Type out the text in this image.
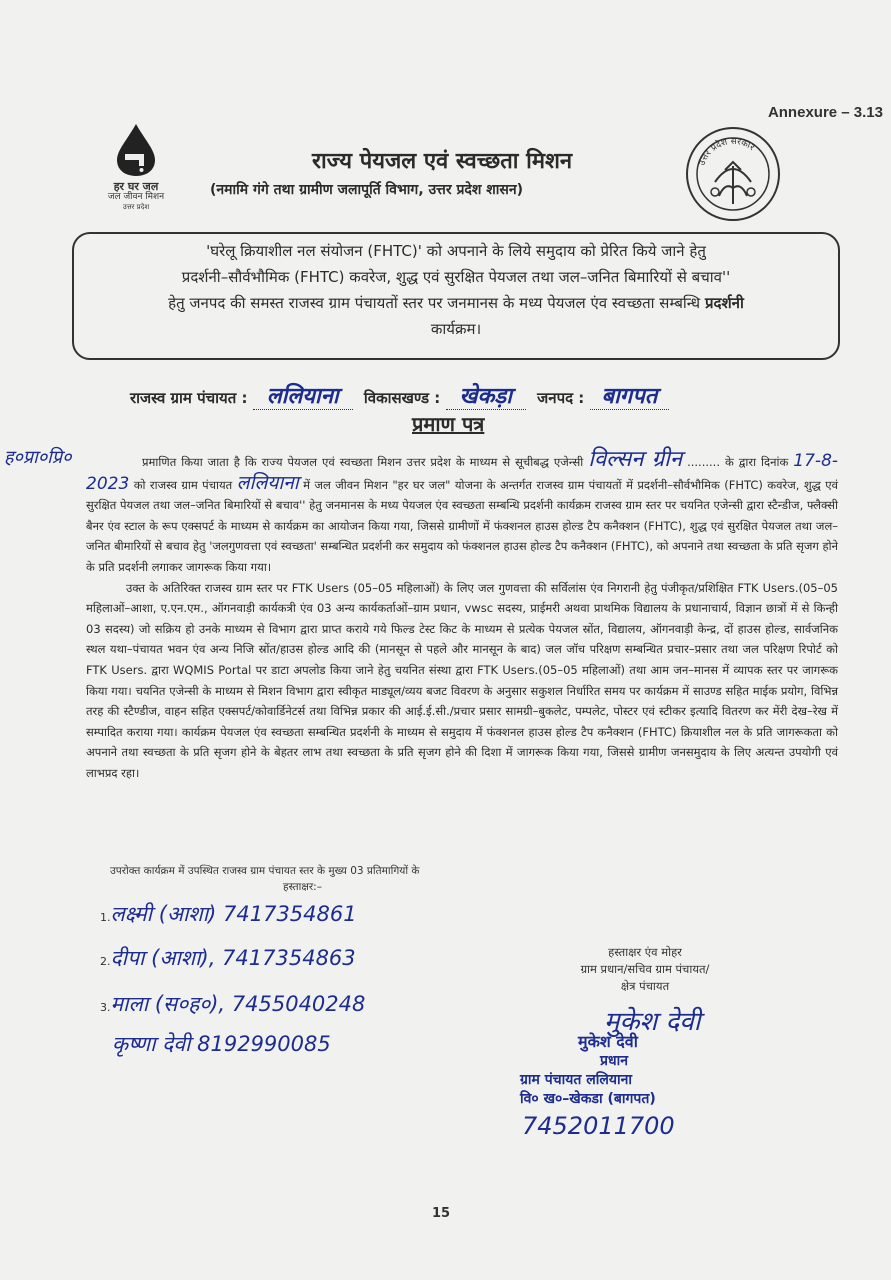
Annexure – 3.13
हर घर जल
जल जीवन मिशन
उत्तर प्रदेश
राज्य पेयजल एवं स्वच्छता मिशन
(नमामि गंगे तथा ग्रामीण जलापूर्ति विभाग, उत्तर प्रदेश शासन)
उत्तर प्रदेश सरकार
'घरेलू क्रियाशील नल संयोजन (FHTC)' को अपनाने के लिये समुदाय को प्रेरित किये जाने हेतु
प्रदर्शनी–सौर्वभौमिक (FHTC) कवरेज, शुद्ध एवं सुरक्षित पेयजल तथा जल–जनित बिमारियों से बचाव''
हेतु जनपद की समस्त राजस्व ग्राम पंचायतों स्तर पर जनमानस के मध्य पेयजल एंव स्वच्छता सम्बन्धि प्रदर्शनी
कार्यक्रम।
राजस्व ग्राम पंचायत : ललियाना विकासखण्ड : खेकड़ा जनपद : बागपत
प्रमाण पत्र

ह०प्रा०प्रि०	प्रमाणित किया जाता है कि राज्य पेयजल एवं स्वच्छता मिशन उत्तर प्रदेश के माध्यम से सूचीबद्ध एजेन्सी विल्सन ग्रीन ......... के द्वारा दिनांक 17-8-2023 को राजस्व ग्राम पंचायत ललियाना में जल जीवन मिशन "हर घर जल" योजना के अन्तर्गत राजस्व ग्राम पंचायतों में प्रदर्शनी–सौर्वभौमिक (FHTC) कवरेज, शुद्ध एवं सुरक्षित पेयजल तथा जल–जनित बिमारियों से बचाव'' हेतु जनमानस के मध्य पेयजल एंव स्वच्छता सम्बन्धि प्रदर्शनी कार्यक्रम राजस्व ग्राम स्तर पर चयनित एजेन्सी द्वारा स्टैन्डीज, फ्लैक्सी बैनर एंव स्टाल के रूप एक्सपर्ट के माध्यम से कार्यक्रम का आयोजन किया गया, जिससे ग्रामीणों में फंक्शनल हाउस होल्ड टैप कनैक्शन (FHTC), शुद्ध एवं सुरक्षित पेयजल तथा जल–जनित बीमारियों से बचाव हेतु 'जलगुणवत्ता एवं स्वच्छता' सम्बन्धित प्रदर्शनी कर समुदाय को फंक्शनल हाउस होल्ड टैप कनैक्शन (FHTC), को अपनाने तथा स्वच्छता के प्रति सृजग होने के प्रति प्रदर्शनी लगाकर जागरूक किया गया।

उक्त के अतिरिक्त राजस्व ग्राम स्तर पर FTK Users (05–05 महिलाओं) के लिए जल गुणवत्ता की सर्विलांस एंव निगरानी हेतु पंजीकृत/प्रशिक्षित FTK Users.(05–05 महिलाओं–आशा, ए.एन.एम., ऑगनवाड़ी कार्यकत्री एंव 03 अन्य कार्यकर्ताओं–ग्राम प्रधान, vwsc सदस्य, प्राईमरी अथवा प्राथमिक विद्यालय के प्रधानाचार्य, विज्ञान छात्रों में से किन्ही 03 सदस्य) जो सक्रिय हो उनके माध्यम से विभाग द्वारा प्राप्त कराये गये फिल्ड टेस्ट किट के माध्यम से प्रत्येक पेयजल स्रोंत, विद्यालय, ऑगनवाड़ी केन्द्र, दों हाउस होल्ड, सार्वजनिक स्थल यथा–पंचायत भवन एंव अन्य निजि स्रोंत/हाउस होल्ड आदि की (मानसून से पहले और मानसून के बाद) जल जॉच परिक्षण सम्बन्धित प्रचार–प्रसार तथा जल परिक्षण रिपोर्ट को FTK Users. द्वारा WQMIS Portal पर डाटा अपलोड किया जाने हेतु चयनित संस्था द्वारा FTK Users.(05–05 महिलाओं) तथा आम जन–मानस में व्यापक स्तर पर जागरूक किया गया। चयनित एजेन्सी के माध्यम से मिशन विभाग द्वारा स्वीकृत माड्यूल/व्यय बजट विवरण के अनुसार सकुशल निर्धारित समय पर कार्यक्रम में साउण्ड सहित माईक प्रयोग, विभिन्न तरह की स्टैण्डीज, वाहन सहित एक्सपर्ट/कोवार्डिनेटर्स तथा विभिन्न प्रकार की आई.ई.सी./प्रचार प्रसार सामग्री–बुकलेट, पम्पलेट, पोस्टर एवं स्टीकर इत्यादि वितरण कर मेंरी देख–रेख में सम्पादित कराया गया। कार्यक्रम पेयजल एंव स्वच्छता सम्बन्धित प्रदर्शनी के माध्यम से समुदाय में फंक्शनल हाउस होल्ड टैप कनैक्शन (FHTC) क्रियाशील नल के प्रति जागरूकता को अपनाने तथा स्वच्छता के प्रति सृजग होने के बेहतर लाभ तथा स्वच्छता के प्रति सृजग होने की दिशा में जागरूक किया गया, जिससे ग्रामीण जनसमुदाय के लिए अत्यन्त उपयोगी एवं लाभप्रद रहा।

उपरोक्त कार्यक्रम में उपस्थित राजस्व ग्राम पंचायत स्तर के मुख्य 03 प्रतिमागियों के
हस्ताक्षर:–
1.लक्ष्मी (आशा) 7417354861
2.दीपा (आशा), 7417354863
3.माला (स०ह०), 7455040248
कृष्णा देवी 8192990085
हस्ताक्षर एंव मोहर
ग्राम प्रधान/सचिव ग्राम पंचायत/
क्षेत्र पंचायत
मुकेश देवी
मुकेश देवी
प्रधान
ग्राम पंचायत ललियाना
वि० ख०–खेकडा (बागपत)
7452011700
15
